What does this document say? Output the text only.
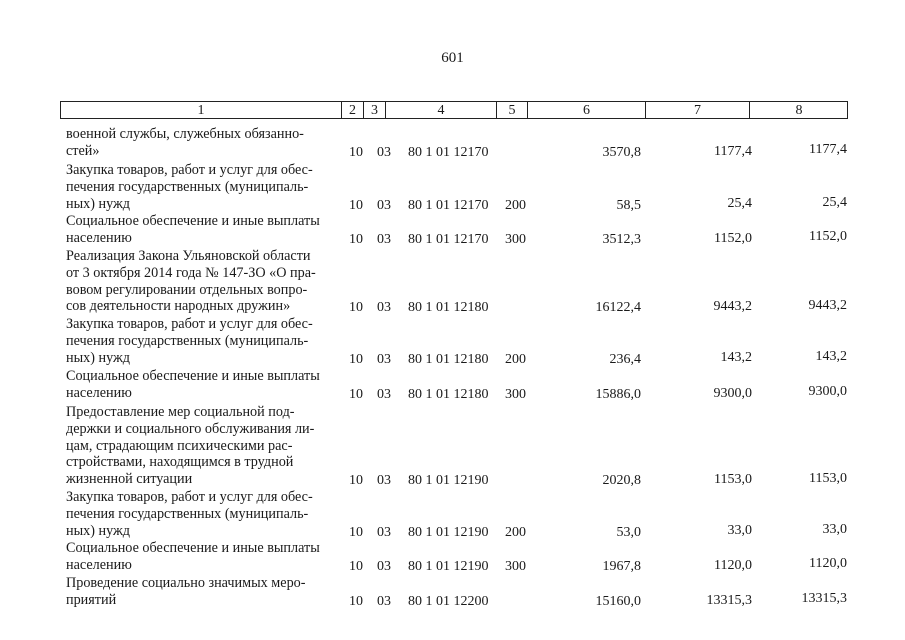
601
1	2	3	4	5	6	7	8
военной службы, служебных обязанно-
стей»	10 03 80 1 01 12170	3570,8	1177,4	1177,4
Закупка товаров, работ и услуг для обес-
печения государственных (муниципаль-
ных) нужд	10 03 80 1 01 12170 200	58,5	25,4	25,4
Социальное обеспечение и иные выплаты
населению	10 03 80 1 01 12170 300	3512,3	1152,0	1152,0
Реализация Закона Ульяновской области
от 3 октября 2014 года № 147-ЗО «О пра-
вовом регулировании отдельных вопро-
сов деятельности народных дружин»	10 03 80 1 01 12180	16122,4	9443,2	9443,2
Закупка товаров, работ и услуг для обес-
печения государственных (муниципаль-
ных) нужд	10 03 80 1 01 12180 200	236,4	143,2	143,2
Социальное обеспечение и иные выплаты
населению	10 03 80 1 01 12180 300	15886,0	9300,0	9300,0
Предоставление мер социальной под-
держки и социального обслуживания ли-
цам, страдающим психическими рас-
стройствами, находящимся в трудной
жизненной ситуации	10 03 80 1 01 12190	2020,8	1153,0	1153,0
Закупка товаров, работ и услуг для обес-
печения государственных (муниципаль-
ных) нужд	10 03 80 1 01 12190 200	53,0	33,0	33,0
Социальное обеспечение и иные выплаты
населению	10 03 80 1 01 12190 300	1967,8	1120,0	1120,0
Проведение социально значимых меро-
приятий	10 03 80 1 01 12200	15160,0	13315,3	13315,3
